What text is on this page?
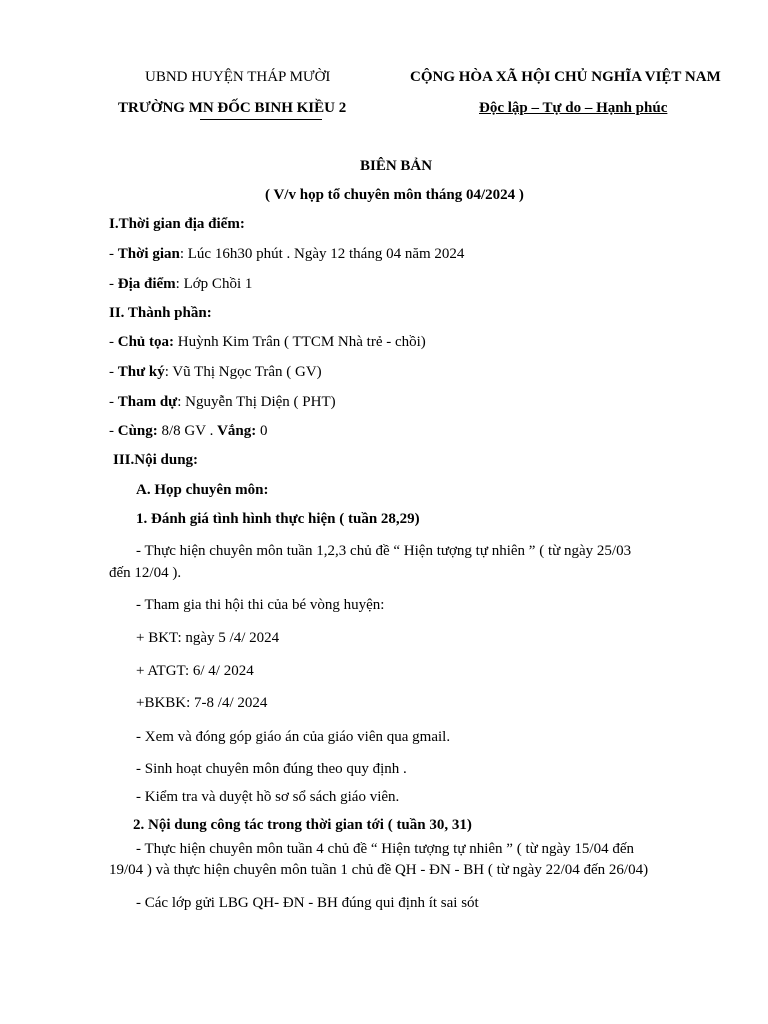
UBND HUYỆN THÁP MƯỜI
TRƯỜNG MN ĐỐC BINH KIỀU 2
CỘNG HÒA XÃ HỘI CHỦ NGHĨA VIỆT NAM
Độc lập – Tự do – Hạnh phúc
BIÊN BẢN
( V/v họp tổ chuyên môn tháng 04/2024 )
I.Thời gian địa điểm:
- Thời gian: Lúc 16h30 phút . Ngày 12 tháng 04 năm 2024
- Địa điểm: Lớp Chồi 1
II. Thành phần:
- Chủ tọa: Huỳnh Kim Trân ( TTCM Nhà trẻ - chồi)
- Thư ký: Vũ Thị Ngọc Trân ( GV)
- Tham dự: Nguyễn Thị Diện ( PHT)
- Cùng: 8/8 GV . Vắng: 0
III.Nội dung:
A. Họp chuyên môn:
1. Đánh giá tình hình thực hiện ( tuần 28,29)
- Thực hiện chuyên môn tuần 1,2,3 chủ đề “ Hiện tượng tự nhiên ” ( từ ngày 25/03
đến 12/04 ).
- Tham gia thi hội thi của bé vòng huyện:
+ BKT: ngày 5 /4/ 2024
+ ATGT: 6/ 4/ 2024
+BKBK: 7-8 /4/ 2024
- Xem và đóng góp giáo án của giáo viên qua gmail.
- Sinh hoạt chuyên môn đúng theo quy định .
- Kiểm tra và duyệt hồ sơ sổ sách giáo viên.
2. Nội dung công tác trong thời gian tới ( tuần 30, 31)
- Thực hiện chuyên môn tuần 4 chủ đề “ Hiện tượng tự nhiên ” ( từ ngày 15/04 đến
19/04 ) và thực hiện chuyên môn tuần 1 chủ đề QH - ĐN - BH ( từ ngày 22/04 đến 26/04)
- Các lớp gửi LBG QH- ĐN - BH đúng qui định ít sai sót
